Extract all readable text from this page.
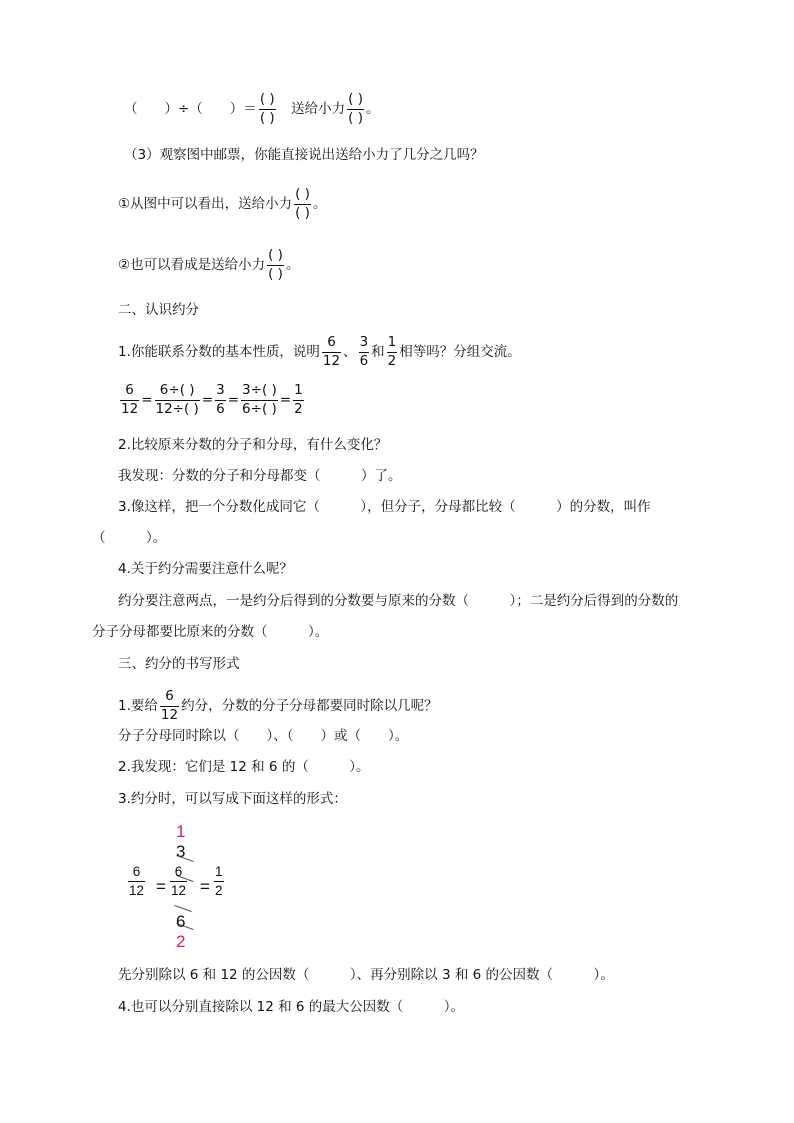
（　　）÷（　　）＝ $\frac{( )}{( )}$ 　送给小力 $\frac{( )}{( )}$ 。
（3）观察图中邮票，你能直接说出送给小力了几分之几吗？
①从图中可以看出，送给小力 $\frac{( )}{( )}$ 。
②也可以看成是送给小力 $\frac{( )}{( )}$ 。
二、认识约分
1.你能联系分数的基本性质，说明 $\frac{6}{12}$ 、 $\frac{3}{6}$ 和 $\frac{1}{2}$ 相等吗？分组交流。
$\frac{6}{12} = \frac{6\div( )}{12\div( )} = \frac{3}{6} = \frac{3\div( )}{6\div( )} = \frac{1}{2}$
2.比较原来分数的分子和分母，有什么变化？
我发现：分数的分子和分母都变（　　　）了。
3.像这样，把一个分数化成同它（　　　），但分子，分母都比较（　　　）的分数，叫作
（　　　）。
4.关于约分需要注意什么呢？
约分要注意两点，一是约分后得到的分数要与原来的分数（　　　）；二是约分后得到的分数的
分子分母都要比原来的分数（　　　）。
三、约分的书写形式
1.要给 $\frac{6}{12}$ 约分，分数的分子分母都要同时除以几呢？
分子分母同时除以（　　）、（　　）或（　　）。
2.我发现：它们是 12 和 6 的（　　　）。
3.约分时，可以写成下面这样的形式：
1
3
$\frac{6}{12} = \frac{6}{12} = \frac{1}{2}$
6
2
先分别除以 6 和 12 的公因数（　　　）、再分别除以 3 和 6 的公因数（　　　）。
4.也可以分别直接除以 12 和 6 的最大公因数（　　　）。
